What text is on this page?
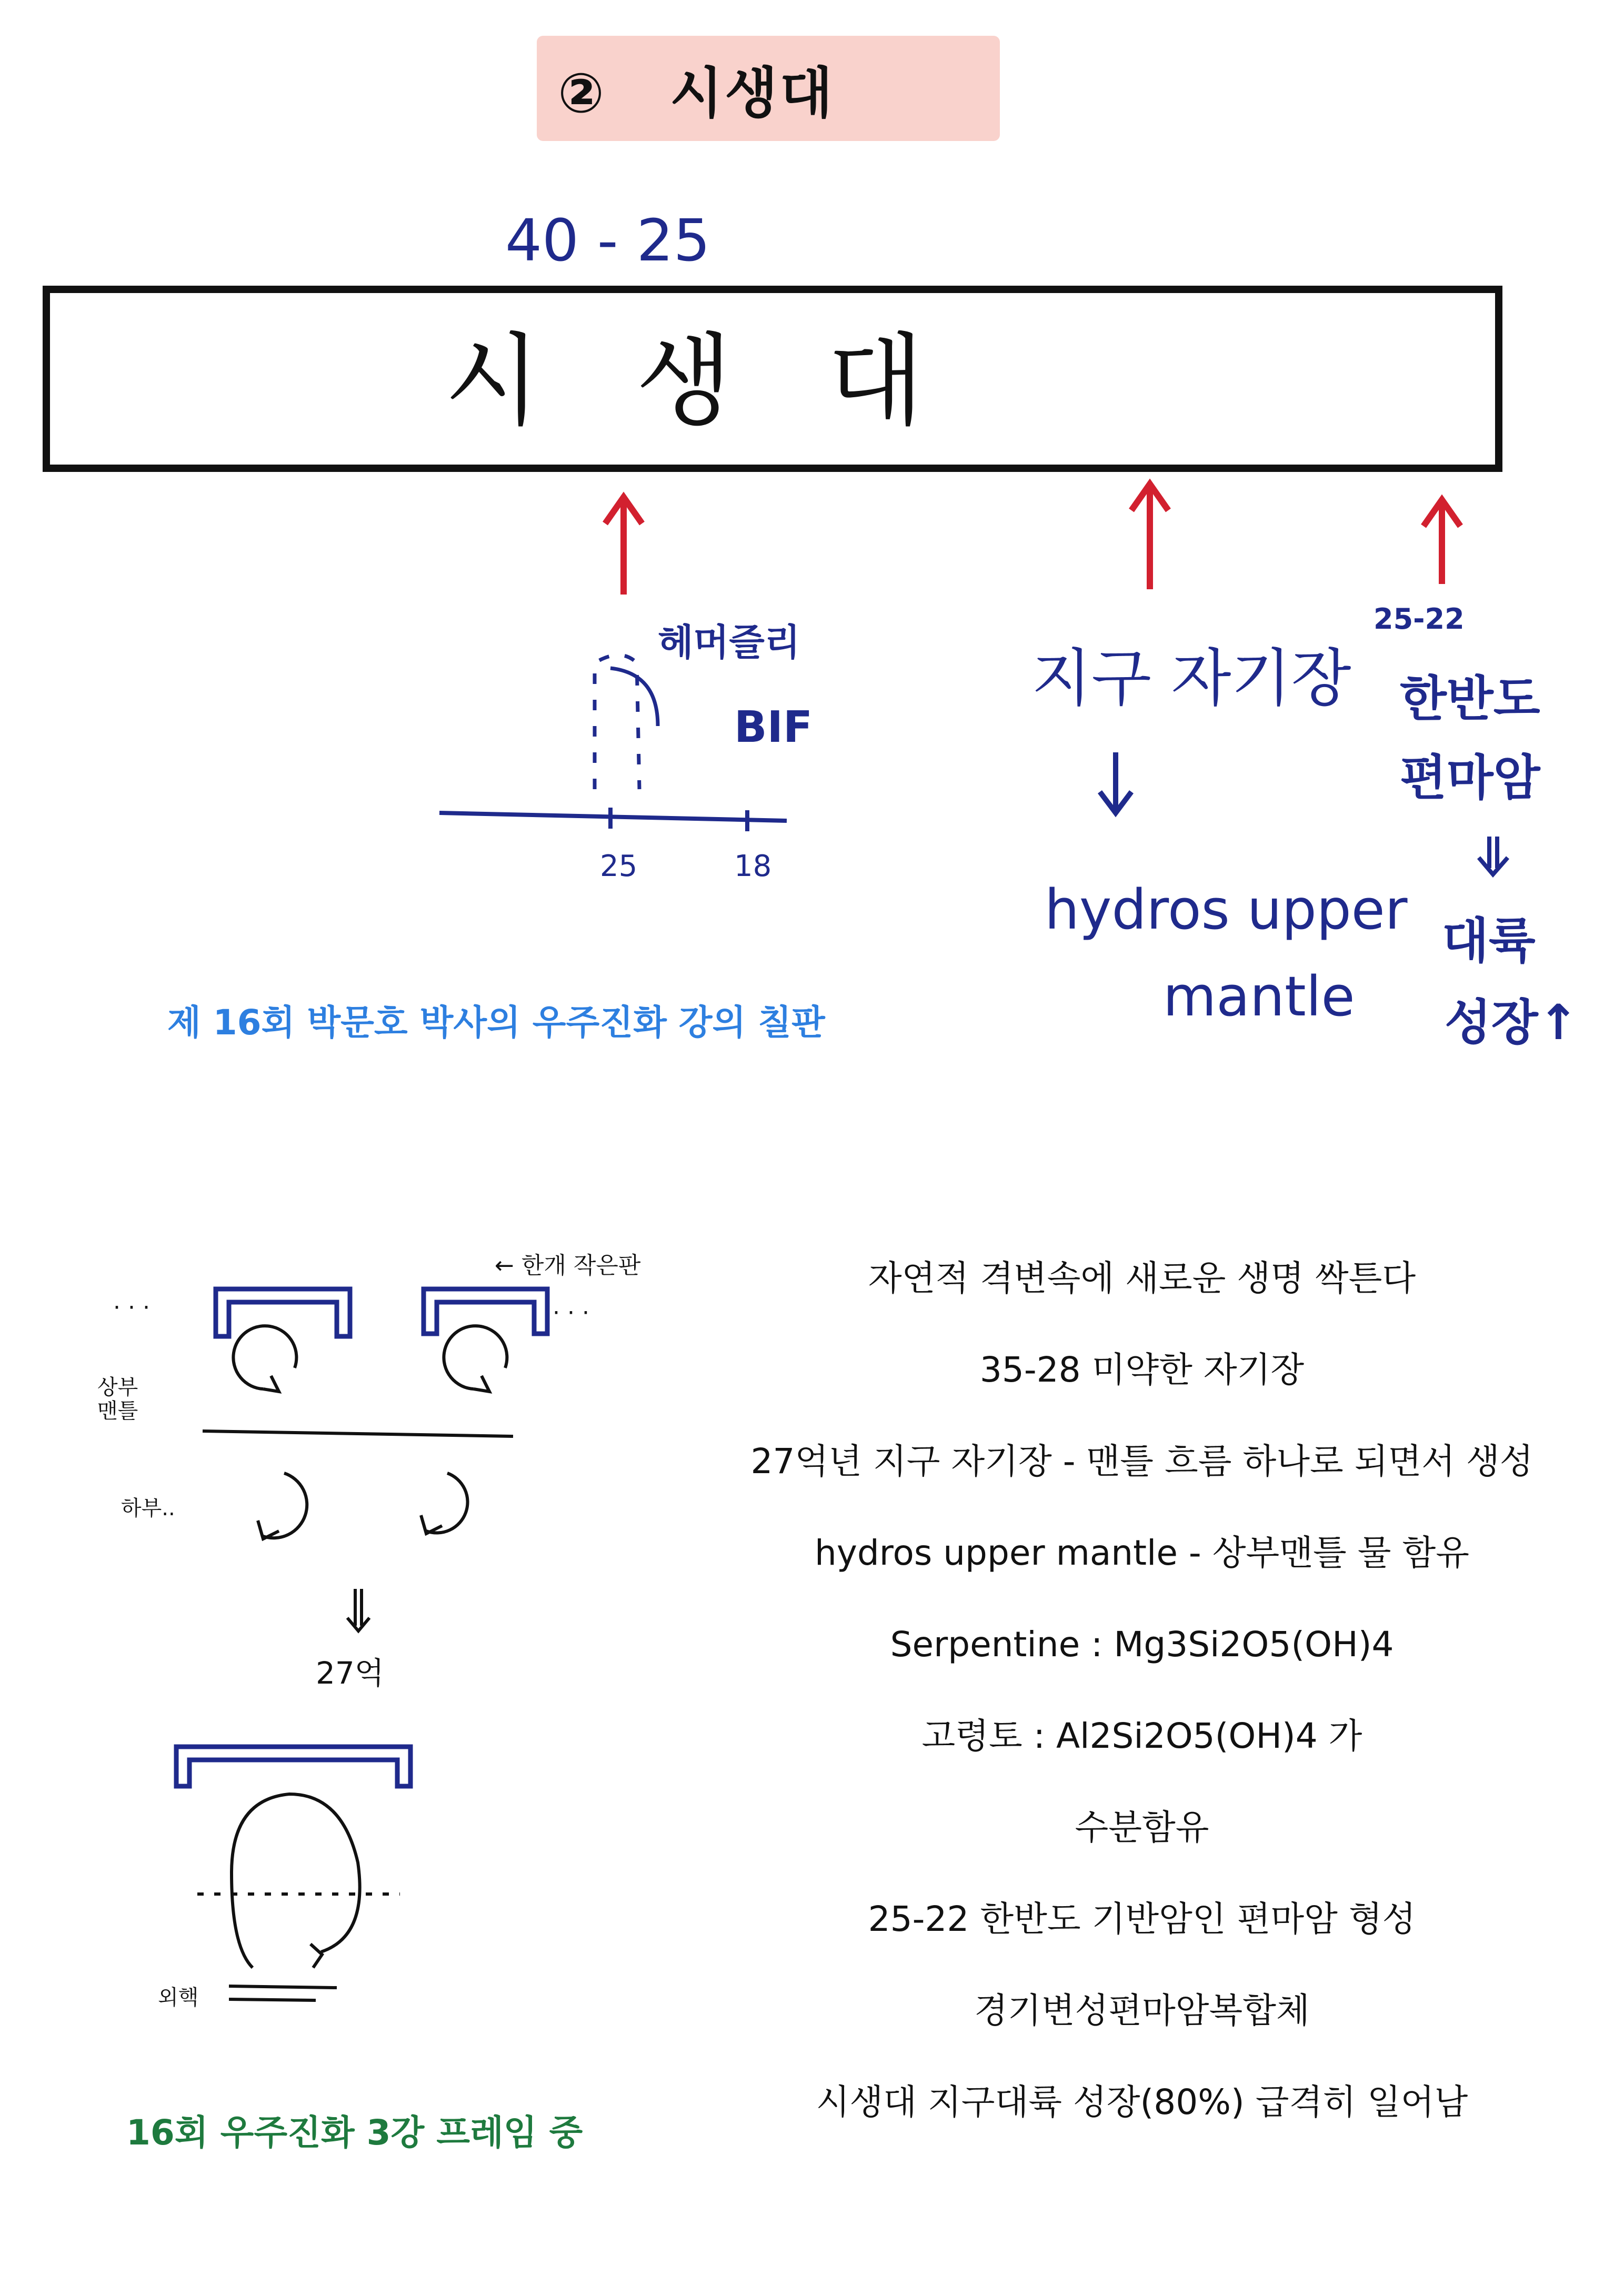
② 시생대
40 - 25
시 생 대
25	18
헤머즐리
BIF
지구 자기장
hydros upper
mantle
25-22
한반도
편마암
대륙
성장↑
제 16회 박문호 박사의 우주진화 강의 칠판
· · ·	· · ·
← 한개 작은판
상부
맨틀
하부..
27억
외핵
16회 우주진화 3강 프레임 중
자연적 격변속에 새로운 생명 싹튼다
35-28 미약한 자기장
27억년 지구 자기장 - 맨틀 흐름 하나로 되면서 생성
hydros upper mantle - 상부맨틀 물 함유
Serpentine : Mg3Si2O5(OH)4
고령토 : Al2Si2O5(OH)4 가
수분함유
25-22 한반도 기반암인 편마암 형성
경기변성편마암복합체
시생대 지구대륙 성장(80%) 급격히 일어남
